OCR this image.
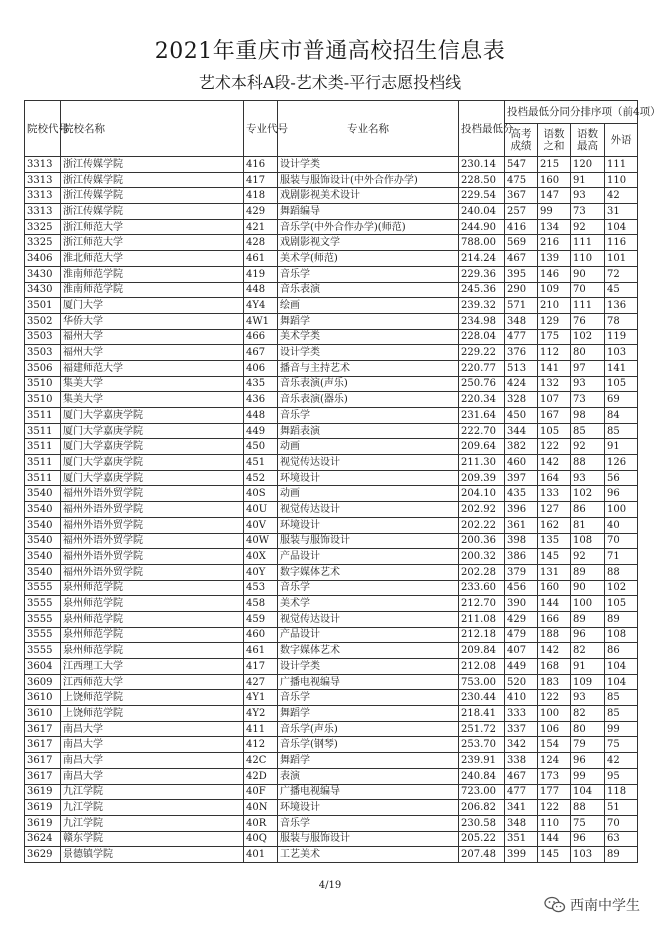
2021年重庆市普通高校招生信息表
艺术本科A段-艺术类-平行志愿投档线
院校代号	院校名称	专业代号	专业名称	投档最低分	投档最低分同分排序项（前4项）			
					高考成绩	语数之和	语数最高	外语
3313	浙江传媒学院	416	设计学类	230.14	547	215	120	111
3313	浙江传媒学院	417	服装与服饰设计(中外合作办学)	228.50	475	160	91	110
3313	浙江传媒学院	418	戏剧影视美术设计	229.54	367	147	93	42
3313	浙江传媒学院	429	舞蹈编导	240.04	257	99	73	31
3325	浙江师范大学	421	音乐学(中外合作办学)(师范)	244.90	416	134	92	104
3325	浙江师范大学	428	戏剧影视文学	788.00	569	216	111	116
3406	淮北师范大学	461	美术学(师范)	214.24	467	139	110	101
3430	淮南师范学院	419	音乐学	229.36	395	146	90	72
3430	淮南师范学院	448	音乐表演	245.36	290	109	70	45
3501	厦门大学	4Y4	绘画	239.32	571	210	111	136
3502	华侨大学	4W1	舞蹈学	234.98	348	129	76	78
3503	福州大学	466	美术学类	228.04	477	175	102	119
3503	福州大学	467	设计学类	229.22	376	112	80	103
3506	福建师范大学	406	播音与主持艺术	220.77	513	141	97	141
3510	集美大学	435	音乐表演(声乐)	250.76	424	132	93	105
3510	集美大学	436	音乐表演(器乐)	220.34	328	107	73	69
3511	厦门大学嘉庚学院	448	音乐学	231.64	450	167	98	84
3511	厦门大学嘉庚学院	449	舞蹈表演	222.70	344	105	85	85
3511	厦门大学嘉庚学院	450	动画	209.64	382	122	92	91
3511	厦门大学嘉庚学院	451	视觉传达设计	211.30	460	142	88	126
3511	厦门大学嘉庚学院	452	环境设计	209.39	397	164	93	56
3540	福州外语外贸学院	40S	动画	204.10	435	133	102	96
3540	福州外语外贸学院	40U	视觉传达设计	202.92	396	127	86	100
3540	福州外语外贸学院	40V	环境设计	202.22	361	162	81	40
3540	福州外语外贸学院	40W	服装与服饰设计	200.36	398	135	108	70
3540	福州外语外贸学院	40X	产品设计	200.32	386	145	92	71
3540	福州外语外贸学院	40Y	数字媒体艺术	202.28	379	131	89	88
3555	泉州师范学院	453	音乐学	233.60	456	160	90	102
3555	泉州师范学院	458	美术学	212.70	390	144	100	105
3555	泉州师范学院	459	视觉传达设计	211.08	429	166	89	89
3555	泉州师范学院	460	产品设计	212.18	479	188	96	108
3555	泉州师范学院	461	数字媒体艺术	209.84	407	142	82	86
3604	江西理工大学	417	设计学类	212.08	449	168	91	104
3609	江西师范大学	427	广播电视编导	753.00	520	183	109	104
3610	上饶师范学院	4Y1	音乐学	230.44	410	122	93	85
3610	上饶师范学院	4Y2	舞蹈学	218.41	333	100	82	85
3617	南昌大学	411	音乐学(声乐)	251.72	337	106	80	99
3617	南昌大学	412	音乐学(钢琴)	253.70	342	154	79	75
3617	南昌大学	42C	舞蹈学	239.91	338	124	96	42
3617	南昌大学	42D	表演	240.84	467	173	99	95
3619	九江学院	40F	广播电视编导	723.00	477	177	104	118
3619	九江学院	40N	环境设计	206.82	341	122	88	51
3619	九江学院	40R	音乐学	230.58	348	110	75	70
3624	赣东学院	40Q	服装与服饰设计	205.22	351	144	96	63
3629	景德镇学院	401	工艺美术	207.48	399	145	103	89
4/19
西南中学生
